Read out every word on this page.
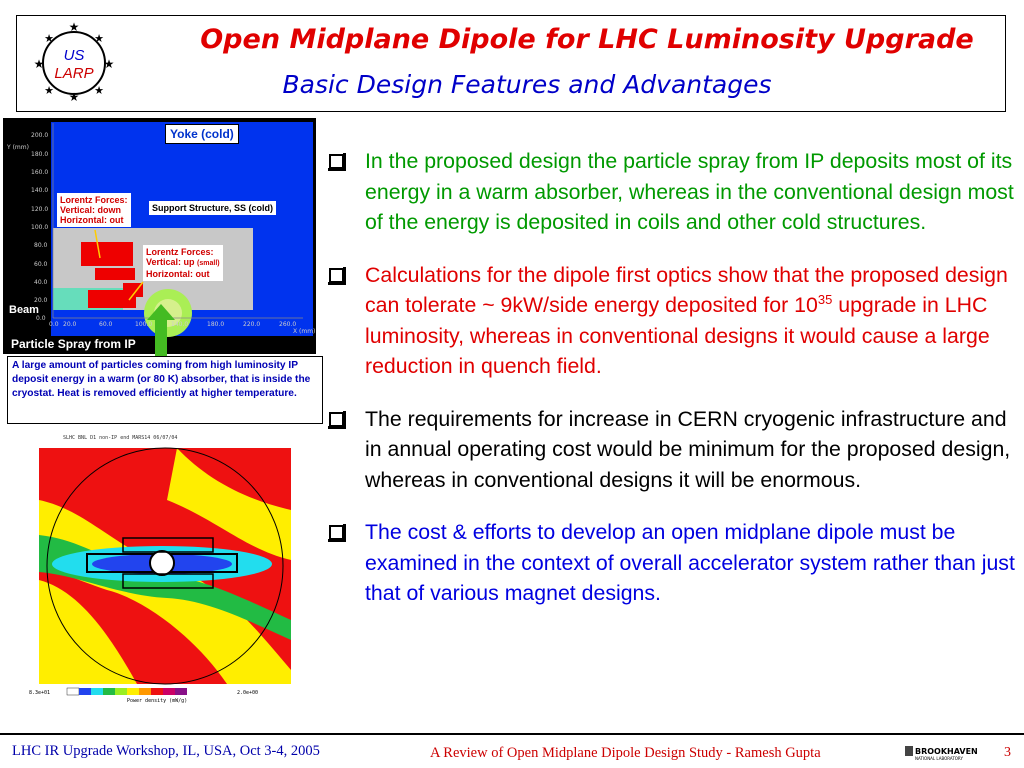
★
★
★	★
★	★
★	★
US
LARP
Open Midplane Dipole for LHC Luminosity Upgrade
Basic Design Features and Advantages
Yoke (cold)
Support Structure, SS (cold)
Lorentz Forces:
Vertical: down
Horizontal: out
Lorentz Forces:
Vertical: up (small)
Horizontal: out
Beam
Particle Spray from IP
Y (mm)
200.0
180.0
160.0
140.0
120.0
100.0
80.0
60.0
40.0
20.0
0.0
0.0 20.0	60.0	100.0	140.0	180.0	220.0	260.0
X (mm)
A large amount of particles coming from high luminosity IP deposit energy in a warm (or 80 K) absorber, that is inside the cryostat. Heat is removed efficiently at higher temperature.
SLHC BNL D1 non-IP end MARS14 06/07/04
8.3e+01	2.0e+00
Power density (mW/g)
In the proposed design the particle spray from IP deposits most of its energy in a warm absorber, whereas in the conventional design most of the energy is deposited in coils and other cold structures.
Calculations for the dipole first optics show that the proposed design can tolerate ~ 9kW/side energy deposited for $10^{35}$ upgrade in LHC luminosity, whereas in conventional designs it would cause a large reduction in quench field.
The requirements for increase in CERN cryogenic infrastructure and in annual operating cost would be minimum for the proposed design, whereas in conventional designs it will be enormous.
The cost & efforts to develop an open midplane dipole must be examined in the context of overall accelerator system rather than just that of various magnet designs.
LHC IR Upgrade Workshop, IL, USA, Oct 3-4, 2005	A Review of Open Midplane Dipole Design Study - Ramesh Gupta	BROOKHAVEN
NATIONAL LABORATORY	3
